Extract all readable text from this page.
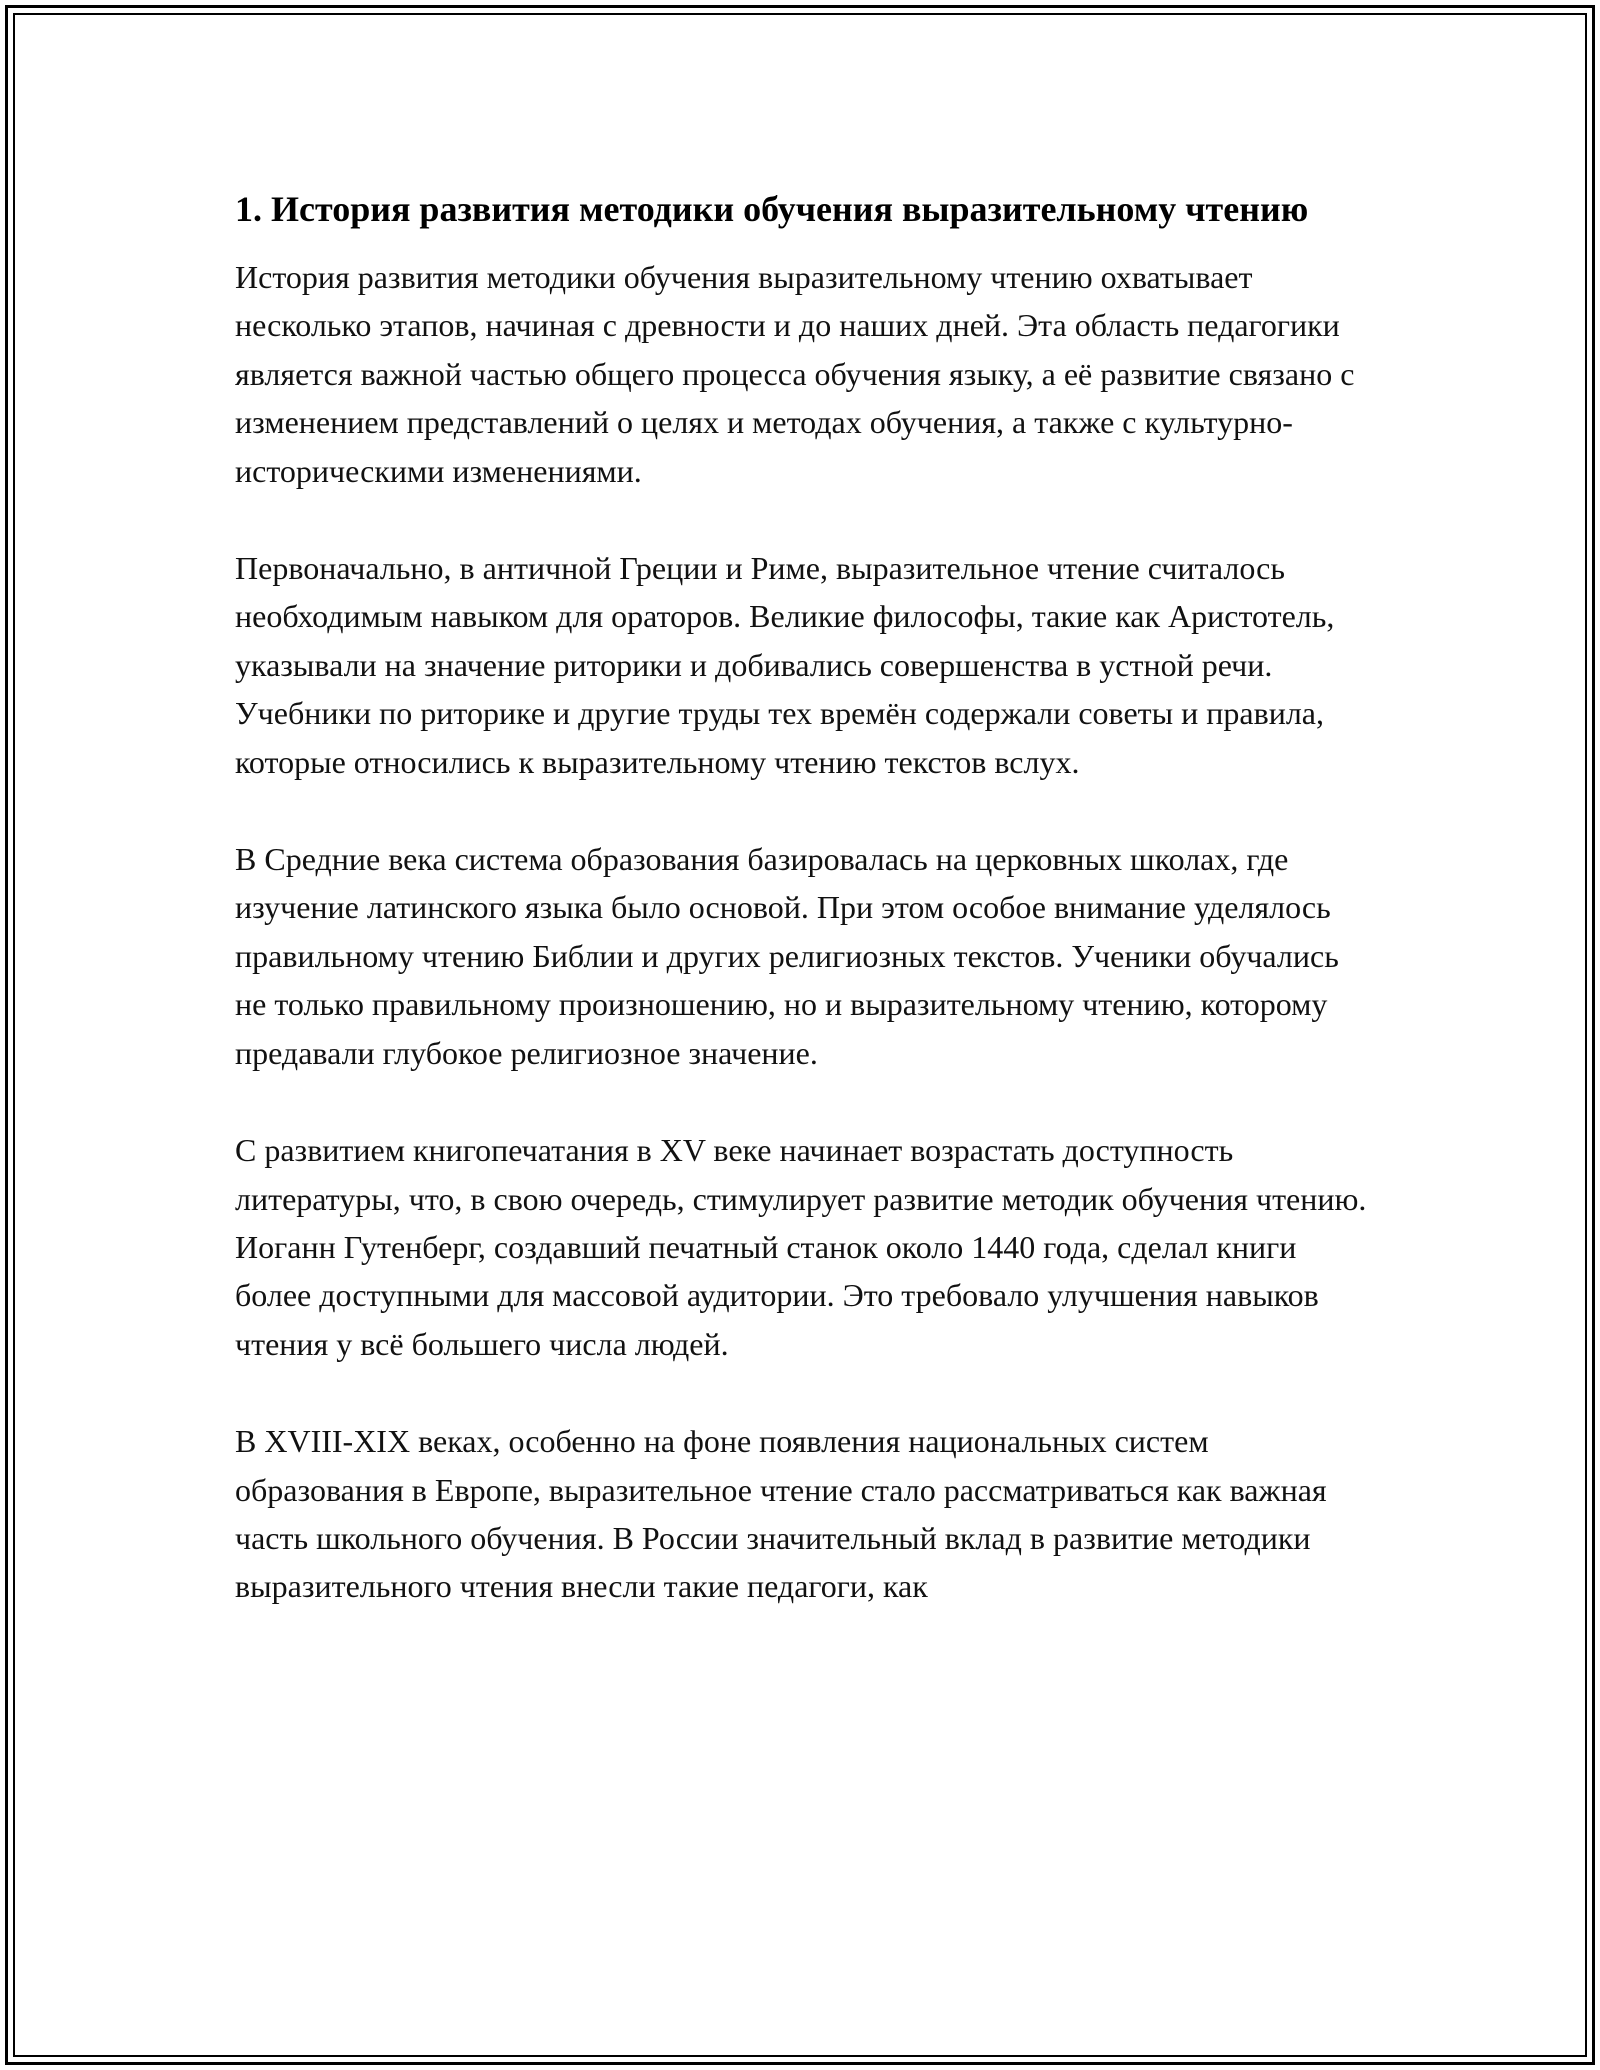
1. История развития методики обучения выразительному чтению

История развития методики обучения выразительному чтению охватывает несколько этапов, начиная с древности и до наших дней. Эта область педагогики является важной частью общего процесса обучения языку, а её развитие связано с изменением представлений о целях и методах обучения, а также с культурно-историческими изменениями.

Первоначально, в античной Греции и Риме, выразительное чтение считалось необходимым навыком для ораторов. Великие философы, такие как Аристотель, указывали на значение риторики и добивались совершенства в устной речи. Учебники по риторике и другие труды тех времён содержали советы и правила, которые относились к выразительному чтению текстов вслух.

В Средние века система образования базировалась на церковных школах, где изучение латинского языка было основой. При этом особое внимание уделялось правильному чтению Библии и других религиозных текстов. Ученики обучались не только правильному произношению, но и выразительному чтению, которому предавали глубокое религиозное значение.

С развитием книгопечатания в XV веке начинает возрастать доступность литературы, что, в свою очередь, стимулирует развитие методик обучения чтению. Иоганн Гутенберг, создавший печатный станок около 1440 года, сделал книги более доступными для массовой аудитории. Это требовало улучшения навыков чтения у всё большего числа людей.

В XVIII-XIX веках, особенно на фоне появления национальных систем образования в Европе, выразительное чтение стало рассматриваться как важная часть школьного обучения. В России значительный вклад в развитие методики выразительного чтения внесли такие педагоги, как
